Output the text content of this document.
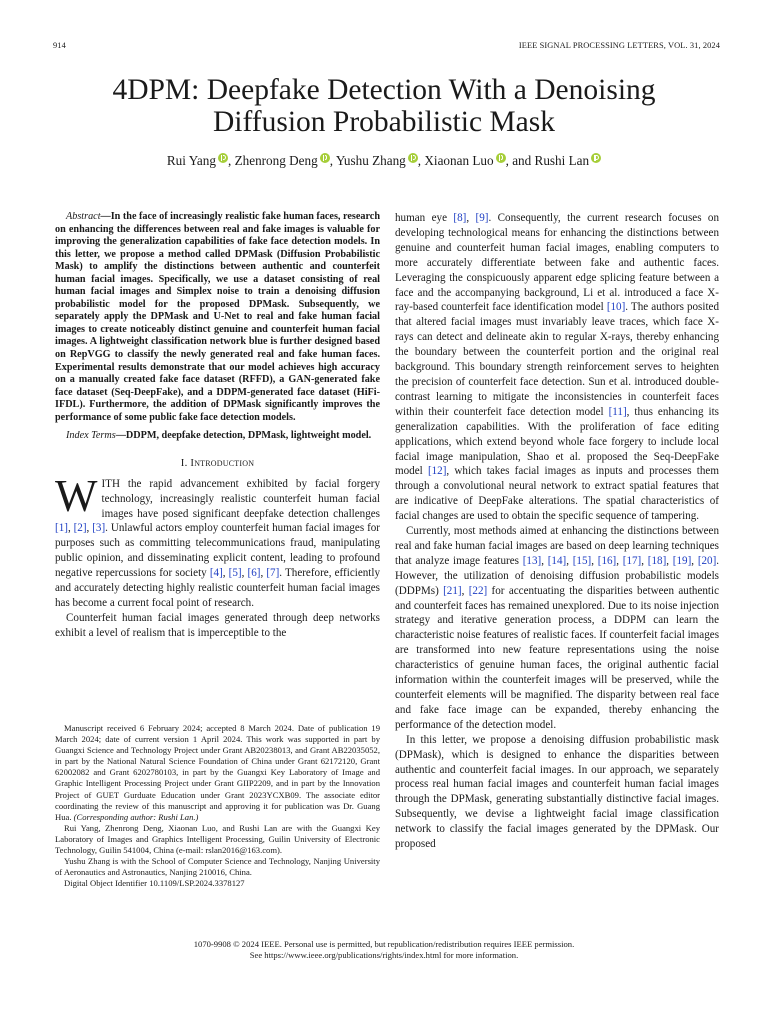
914	IEEE SIGNAL PROCESSING LETTERS, VOL. 31, 2024
4DPM: Deepfake Detection With a Denoising
Diffusion Probabilistic Mask
Rui Yang , Zhenrong Deng , Yushu Zhang , Xiaonan Luo , and Rushi Lan

Abstract—In the face of increasingly realistic fake human faces, research on enhancing the differences between real and fake images is valuable for improving the generalization capabilities of fake face detection models. In this letter, we propose a method called DPMask (Diffusion Probabilistic Mask) to amplify the distinctions between authentic and counterfeit human facial images. Specifically, we use a dataset consisting of real human facial images and Simplex noise to train a denoising diffusion probabilistic model for the proposed DPMask. Subsequently, we separately apply the DPMask and U-Net to real and fake human facial images to create noticeably distinct genuine and counterfeit human facial images. A lightweight classification network blue is further designed based on RepVGG to classify the newly generated real and fake human faces. Experimental results demonstrate that our model achieves high accuracy on a manually created fake face dataset (RFFD), a GAN-generated fake face dataset (Seq-DeepFake), and a DDPM-generated face dataset (HiFi-IFDL). Furthermore, the addition of DPMask significantly improves the performance of some public fake face detection models.

Index Terms—DDPM, deepfake detection, DPMask, lightweight model.

I. Introduction

WITH the rapid advancement exhibited by facial forgery technology, increasingly realistic counterfeit human facial images have posed significant deepfake detection challenges [1], [2], [3]. Unlawful actors employ counterfeit human facial images for purposes such as committing telecommunications fraud, manipulating public opinion, and disseminating explicit content, leading to profound negative repercussions for society [4], [5], [6], [7]. Therefore, efficiently and accurately detecting highly realistic counterfeit human facial images has become a current focal point of research.

Counterfeit human facial images generated through deep networks exhibit a level of realism that is imperceptible to the

Manuscript received 6 February 2024; accepted 8 March 2024. Date of publication 19 March 2024; date of current version 1 April 2024. This work was supported in part by Guangxi Science and Technology Project under Grant AB20238013, and Grant AB22035052, in part by the National Natural Science Foundation of China under Grant 62172120, Grant 62002082 and Grant 6202780103, in part by the Guangxi Key Laboratory of Image and Graphic Intelligent Processing Project under Grant GIIP2209, and in part by the Innovation Project of GUET Gurduate Education under Grant 2023YCXB09. The associate editor coordinating the review of this manuscript and approving it for publication was Dr. Guang Hua. (Corresponding author: Rushi Lan.)

Rui Yang, Zhenrong Deng, Xiaonan Luo, and Rushi Lan are with the Guangxi Key Laboratory of Images and Graphics Intelligent Processing, Guilin University of Electronic Technology, Guilin 541004, China (e-mail: rslan2016@163.com).

Yushu Zhang is with the School of Computer Science and Technology, Nanjing University of Aeronautics and Astronautics, Nanjing 210016, China.

Digital Object Identifier 10.1109/LSP.2024.3378127

human eye [8], [9]. Consequently, the current research focuses on developing technological means for enhancing the distinctions between genuine and counterfeit human facial images, enabling computers to more accurately differentiate between fake and authentic faces. Leveraging the conspicuously apparent edge splicing feature between a face and the accompanying background, Li et al. introduced a face X-ray-based counterfeit face identification model [10]. The authors posited that altered facial images must invariably leave traces, which face X-rays can detect and delineate akin to regular X-rays, thereby enhancing the boundary between the counterfeit portion and the original real background. This boundary strength reinforcement serves to heighten the precision of counterfeit face detection. Sun et al. introduced double-contrast learning to mitigate the inconsistencies in counterfeit faces within their counterfeit face detection model [11], thus enhancing its generalization capabilities. With the proliferation of face editing applications, which extend beyond whole face forgery to include local facial image manipulation, Shao et al. proposed the Seq-DeepFake model [12], which takes facial images as inputs and processes them through a convolutional neural network to extract spatial features that are indicative of DeepFake alterations. The spatial characteristics of facial changes are used to obtain the specific sequence of tampering.

Currently, most methods aimed at enhancing the distinctions between real and fake human facial images are based on deep learning techniques that analyze image features [13], [14], [15], [16], [17], [18], [19], [20]. However, the utilization of denoising diffusion probabilistic models (DDPMs) [21], [22] for accentuating the disparities between authentic and counterfeit faces has remained unexplored. Due to its noise injection strategy and iterative generation process, a DDPM can learn the characteristic noise features of realistic faces. If counterfeit facial images are transformed into new feature representations using the noise characteristics of genuine human faces, the original authentic facial information within the counterfeit images will be preserved, while the counterfeit elements will be magnified. The disparity between real face and fake face image can be expanded, thereby enhancing the performance of the detection model.

In this letter, we propose a denoising diffusion probabilistic mask (DPMask), which is designed to enhance the disparities between authentic and counterfeit facial images. In our approach, we separately process real human facial images and counterfeit human facial images through the DPMask, generating substantially distinctive facial images. Subsequently, we devise a lightweight facial image classification network to classify the facial images generated by the DPMask. Our proposed

1070-9908 © 2024 IEEE. Personal use is permitted, but republication/redistribution requires IEEE permission.
See https://www.ieee.org/publications/rights/index.html for more information.
